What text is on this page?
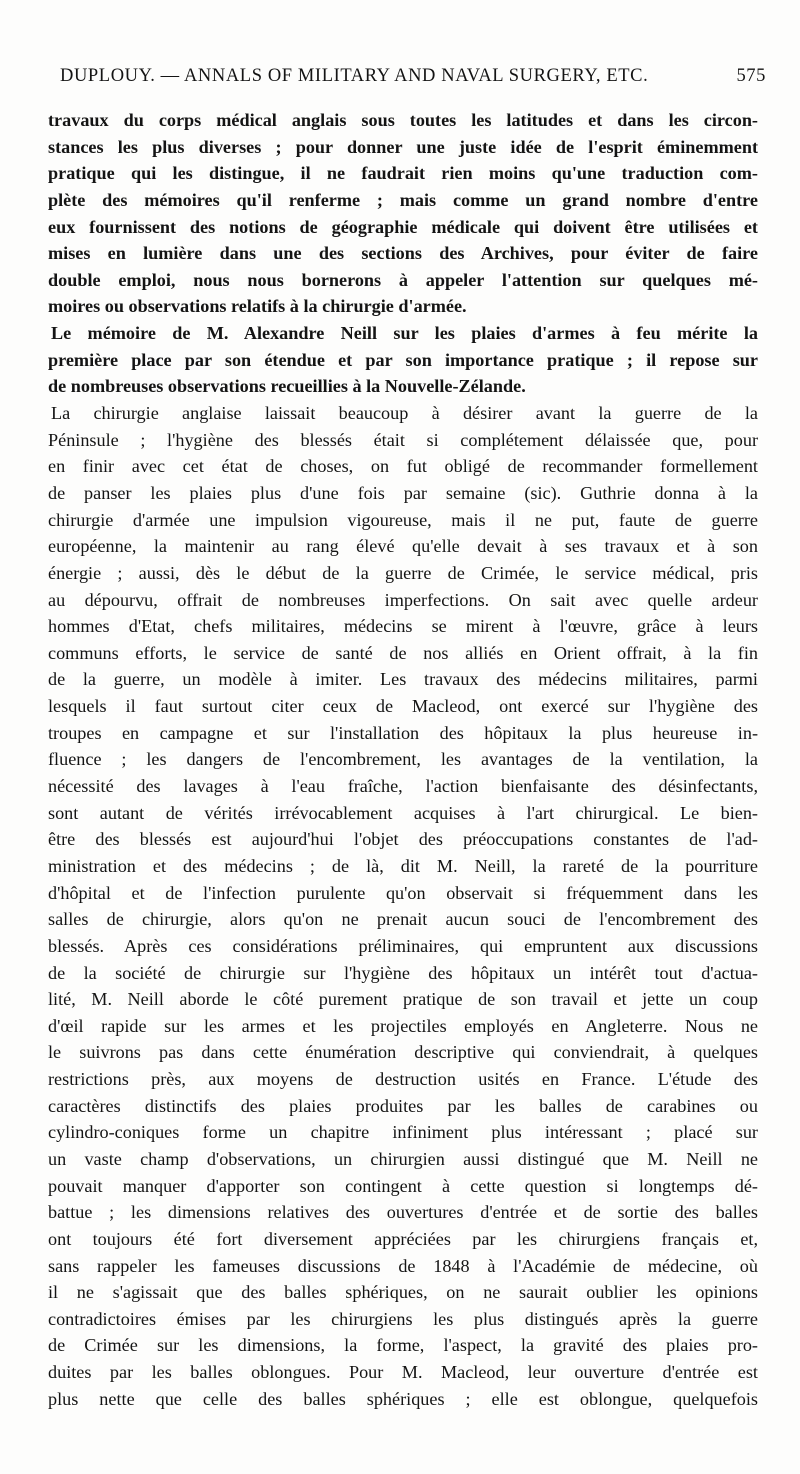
DUPLOUY. — ANNALS OF MILITARY AND NAVAL SURGERY, ETC.	575
travaux du corps médical anglais sous toutes les latitudes et dans les circon-
stances les plus diverses ; pour donner une juste idée de l'esprit éminemment
pratique qui les distingue, il ne faudrait rien moins qu'une traduction com-
plète des mémoires qu'il renferme ; mais comme un grand nombre d'entre
eux fournissent des notions de géographie médicale qui doivent être utilisées et
mises en lumière dans une des sections des Archives, pour éviter de faire
double emploi, nous nous bornerons à appeler l'attention sur quelques mé-
moires ou observations relatifs à la chirurgie d'armée.
Le mémoire de M. Alexandre Neill sur les plaies d'armes à feu mérite la
première place par son étendue et par son importance pratique ; il repose sur
de nombreuses observations recueillies à la Nouvelle-Zélande.
La chirurgie anglaise laissait beaucoup à désirer avant la guerre de la
Péninsule ; l'hygiène des blessés était si complétement délaissée que, pour
en finir avec cet état de choses, on fut obligé de recommander formellement
de panser les plaies plus d'une fois par semaine (sic). Guthrie donna à la
chirurgie d'armée une impulsion vigoureuse, mais il ne put, faute de guerre
européenne, la maintenir au rang élevé qu'elle devait à ses travaux et à son
énergie ; aussi, dès le début de la guerre de Crimée, le service médical, pris
au dépourvu, offrait de nombreuses imperfections. On sait avec quelle ardeur
hommes d'Etat, chefs militaires, médecins se mirent à l'œuvre, grâce à leurs
communs efforts, le service de santé de nos alliés en Orient offrait, à la fin
de la guerre, un modèle à imiter. Les travaux des médecins militaires, parmi
lesquels il faut surtout citer ceux de Macleod, ont exercé sur l'hygiène des
troupes en campagne et sur l'installation des hôpitaux la plus heureuse in-
fluence ; les dangers de l'encombrement, les avantages de la ventilation, la
nécessité des lavages à l'eau fraîche, l'action bienfaisante des désinfectants,
sont autant de vérités irrévocablement acquises à l'art chirurgical. Le bien-
être des blessés est aujourd'hui l'objet des préoccupations constantes de l'ad-
ministration et des médecins ; de là, dit M. Neill, la rareté de la pourriture
d'hôpital et de l'infection purulente qu'on observait si fréquemment dans les
salles de chirurgie, alors qu'on ne prenait aucun souci de l'encombrement des
blessés. Après ces considérations préliminaires, qui empruntent aux discussions
de la société de chirurgie sur l'hygiène des hôpitaux un intérêt tout d'actua-
lité, M. Neill aborde le côté purement pratique de son travail et jette un coup
d'œil rapide sur les armes et les projectiles employés en Angleterre. Nous ne
le suivrons pas dans cette énumération descriptive qui conviendrait, à quelques
restrictions près, aux moyens de destruction usités en France. L'étude des
caractères distinctifs des plaies produites par les balles de carabines ou
cylindro-coniques forme un chapitre infiniment plus intéressant ; placé sur
un vaste champ d'observations, un chirurgien aussi distingué que M. Neill ne
pouvait manquer d'apporter son contingent à cette question si longtemps dé-
battue ; les dimensions relatives des ouvertures d'entrée et de sortie des balles
ont toujours été fort diversement appréciées par les chirurgiens français et,
sans rappeler les fameuses discussions de 1848 à l'Académie de médecine, où
il ne s'agissait que des balles sphériques, on ne saurait oublier les opinions
contradictoires émises par les chirurgiens les plus distingués après la guerre
de Crimée sur les dimensions, la forme, l'aspect, la gravité des plaies pro-
duites par les balles oblongues. Pour M. Macleod, leur ouverture d'entrée est
plus nette que celle des balles sphériques ; elle est oblongue, quelquefois
